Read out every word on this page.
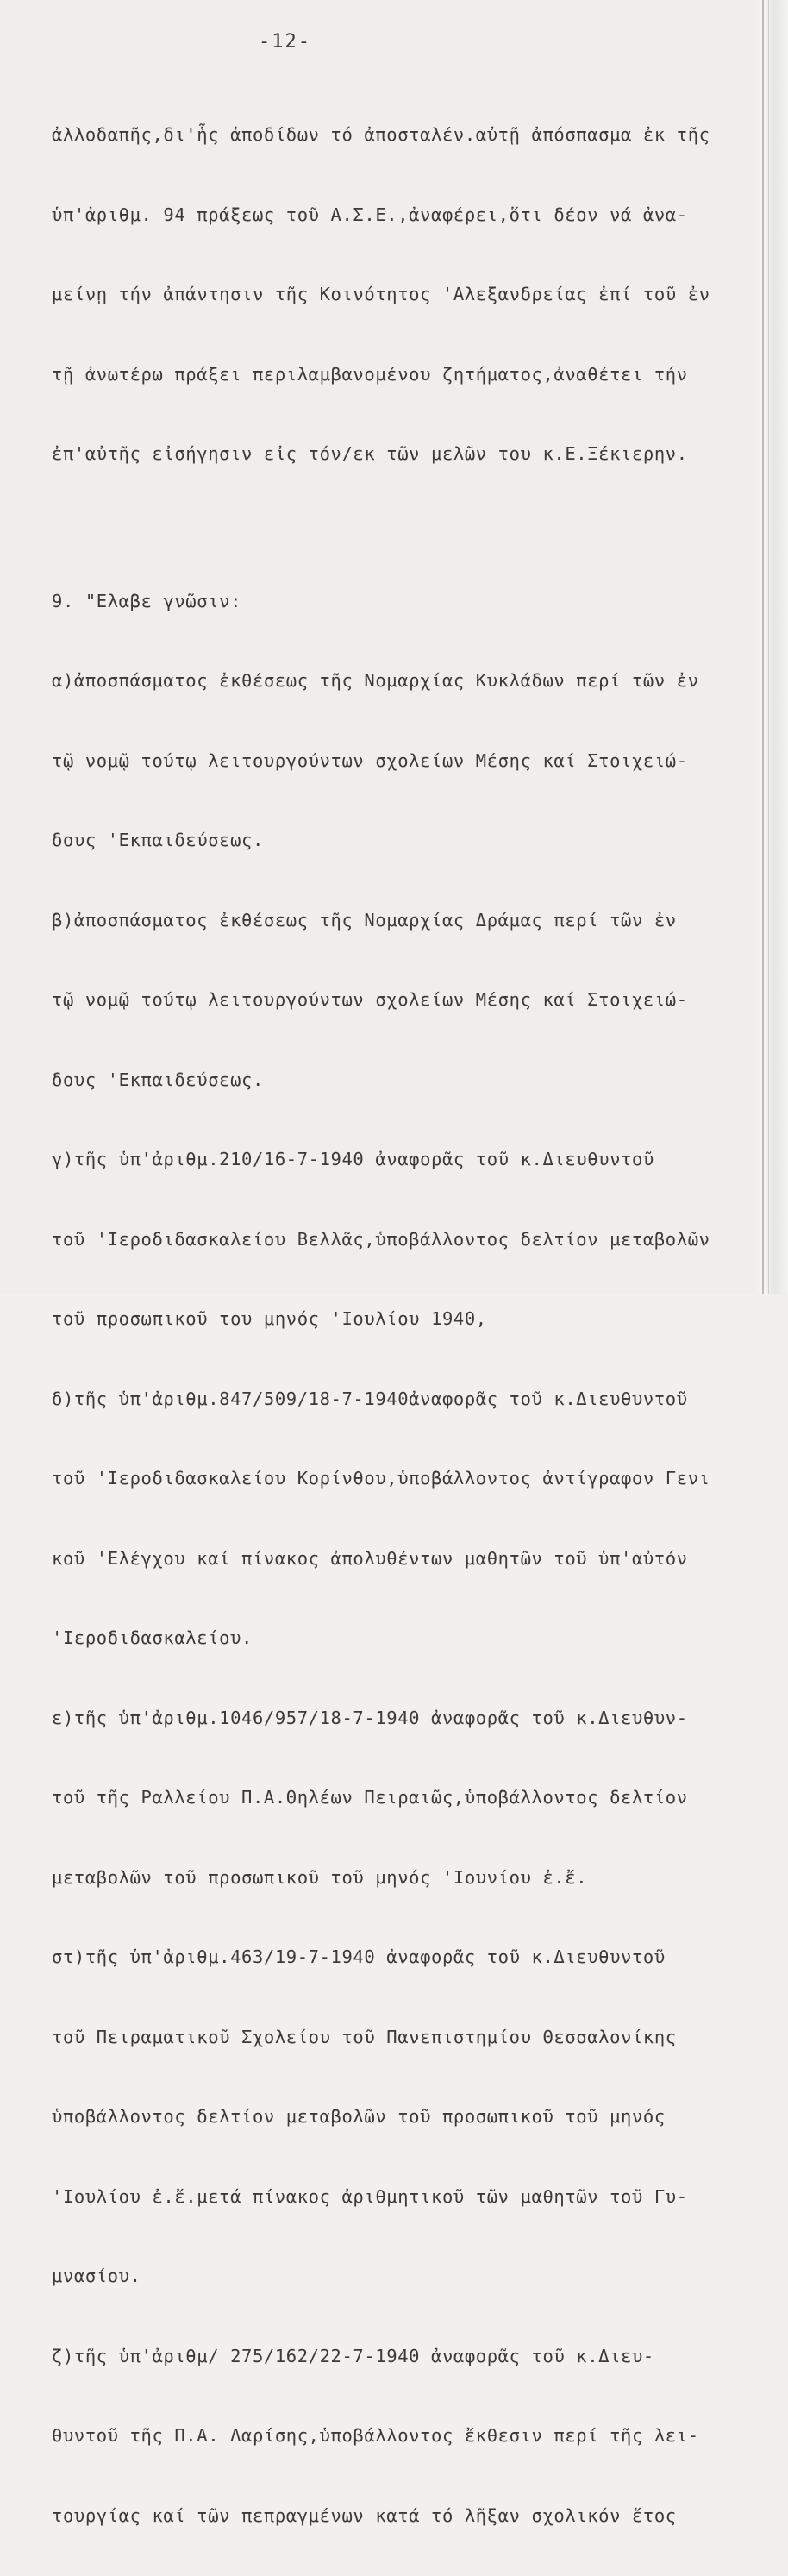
-12-

ἀλλοδαπῆς,δι'ἧς ἀποδίδων τό ἀποσταλέν.αὐτῇ ἀπόσπασμα ἐκ τῆς

ὑπ'ἀριθμ. 94 πράξεως τοῦ Α.Σ.Ε.,ἀναφέρει,ὅτι δέον νά ἀνα-

μείνῃ τήν ἀπάντησιν τῆς Κοινότητος 'Αλεξανδρείας ἐπί τοῦ ἐν

τῇ ἀνωτέρω πράξει περιλαμβανομένου ζητήματος,ἀναθέτει τήν

ἐπ'αὐτῆς εἰσήγησιν εἰς τόν/εκ τῶν μελῶν του κ.Ε.Ξέκιερην.

9. "Ελαβε γνῶσιν:

α)ἀποσπάσματος ἐκθέσεως τῆς Νομαρχίας Κυκλάδων περί τῶν ἐν

τῷ νομῷ τούτῳ λειτουργούντων σχολείων Μέσης καί Στοιχειώ-

δους 'Εκπαιδεύσεως.

β)ἀποσπάσματος ἐκθέσεως τῆς Νομαρχίας Δράμας περί τῶν ἐν

τῷ νομῷ τούτῳ λειτουργούντων σχολείων Μέσης καί Στοιχειώ-

δους 'Εκπαιδεύσεως.

γ)τῆς ὑπ'ἀριθμ.210/16-7-1940 ἀναφορᾶς τοῦ κ.Διευθυντοῦ

τοῦ 'Ιεροδιδασκαλείου Βελλᾶς,ὑποβάλλοντος δελτίον μεταβολῶν

τοῦ προσωπικοῦ του μηνός 'Ιουλίου 1940,

δ)τῆς ὑπ'ἀριθμ.847/509/18-7-1940ἀναφορᾶς τοῦ κ.Διευθυντοῦ

τοῦ 'Ιεροδιδασκαλείου Κορίνθου,ὑποβάλλοντος ἀντίγραφον Γενι

κοῦ 'Ελέγχου καί πίνακος ἀπολυθέντων μαθητῶν τοῦ ὑπ'αὐτόν

'Ιεροδιδασκαλείου.

ε)τῆς ὑπ'ἀριθμ.1046/957/18-7-1940 ἀναφορᾶς τοῦ κ.Διευθυν-

τοῦ τῆς Ραλλείου Π.Α.Θηλέων Πειραιῶς,ὑποβάλλοντος δελτίον

μεταβολῶν τοῦ προσωπικοῦ τοῦ μηνός 'Ιουνίου ἐ.ἔ.

στ)τῆς ὑπ'ἀριθμ.463/19-7-1940 ἀναφορᾶς τοῦ κ.Διευθυντοῦ

τοῦ Πειραματικοῦ Σχολείου τοῦ Πανεπιστημίου Θεσσαλονίκης

ὑποβάλλοντος δελτίον μεταβολῶν τοῦ προσωπικοῦ τοῦ μηνός

'Ιουλίου ἐ.ἔ.μετά πίνακος ἀριθμητικοῦ τῶν μαθητῶν τοῦ Γυ-

μνασίου.

ζ)τῆς ὑπ'ἀριθμ/ 275/162/22-7-1940 ἀναφορᾶς τοῦ κ.Διευ-

θυντοῦ τῆς Π.Α. Λαρίσης,ὑποβάλλοντος ἔκθεσιν περί τῆς λει-

τουργίας καί τῶν πεπραγμένων κατά τό λῆξαν σχολικόν ἔτος
